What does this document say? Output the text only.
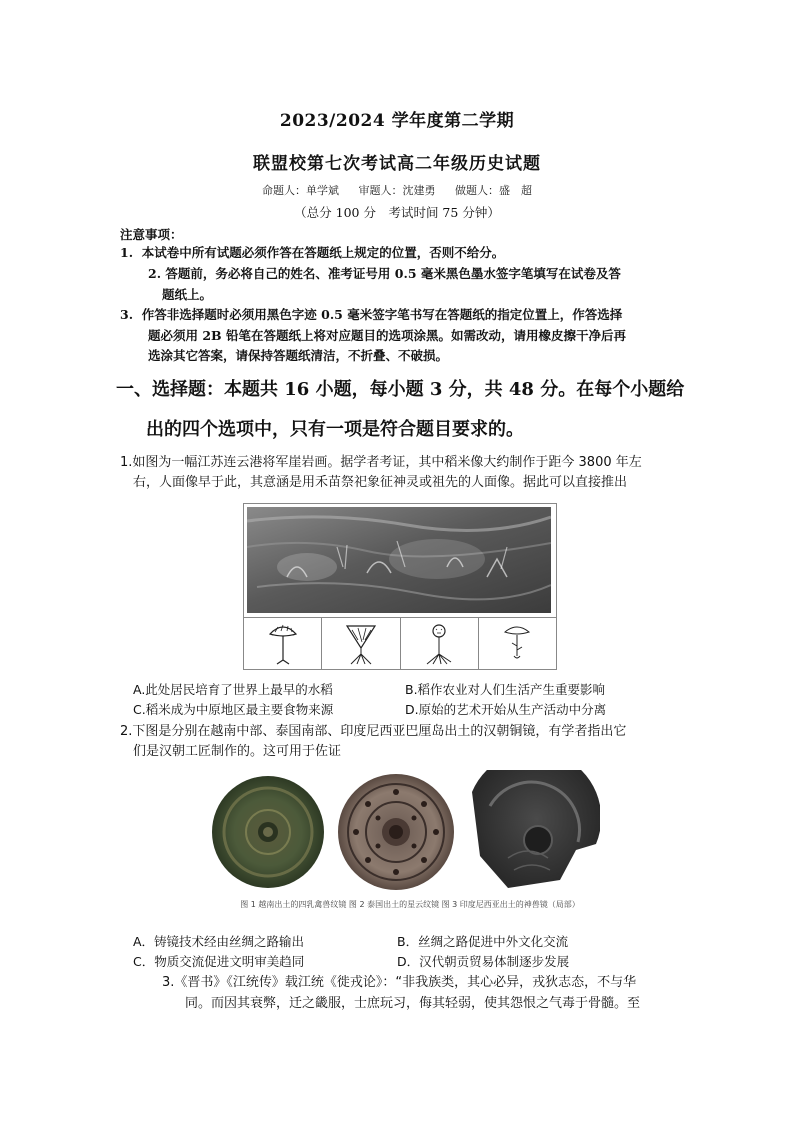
2023/2024 学年度第二学期
联盟校第七次考试高二年级历史试题
命题人：单学斌 审题人：沈建勇 做题人：盛　超
（总分 100 分　考试时间 75 分钟）
注意事项：
1. 本试卷中所有试题必须作答在答题纸上规定的位置，否则不给分。
2. 答题前，务必将自己的姓名、准考证号用 0.5 毫米黑色墨水签字笔填写在试卷及答
题纸上。
3. 作答非选择题时必须用黑色字迹 0.5 毫米签字笔书写在答题纸的指定位置上，作答选择
题必须用 2B 铅笔在答题纸上将对应题目的选项涂黑。如需改动，请用橡皮擦干净后再
选涂其它答案，请保持答题纸清洁，不折叠、不破损。
一、选择题：本题共 16 小题，每小题 3 分，共 48 分。在每个小题给
出的四个选项中，只有一项是符合题目要求的。
1.如图为一幅江苏连云港将军崖岩画。据学者考证，其中稻米像大约制作于距今 3800 年左
右，人面像早于此，其意涵是用禾苗祭祀象征神灵或祖先的人面像。据此可以直接推出
A.此处居民培育了世界上最早的水稻	B.稻作农业对人们生活产生重要影响
C.稻米成为中原地区最主要食物来源	D.原始的艺术开始从生产活动中分离
2.下图是分别在越南中部、泰国南部、印度尼西亚巴厘岛出土的汉朝铜镜，有学者指出它
们是汉朝工匠制作的。这可用于佐证
图 1 越南出土的四乳禽兽纹镜 图 2 泰国出土的星云纹镜 图 3 印度尼西亚出土的神兽镜（局部）
A．铸镜技术经由丝绸之路输出	B．丝绸之路促进中外文化交流
C．物质交流促进文明审美趋同	D．汉代朝贡贸易体制逐步发展
3.《晋书》《江统传》载江统《徙戎论》：“非我族类，其心必异，戎狄志态，不与华
同。而因其衰弊，迁之畿服，士庶玩习，侮其轻弱，使其怨恨之气毒于骨髓。至
